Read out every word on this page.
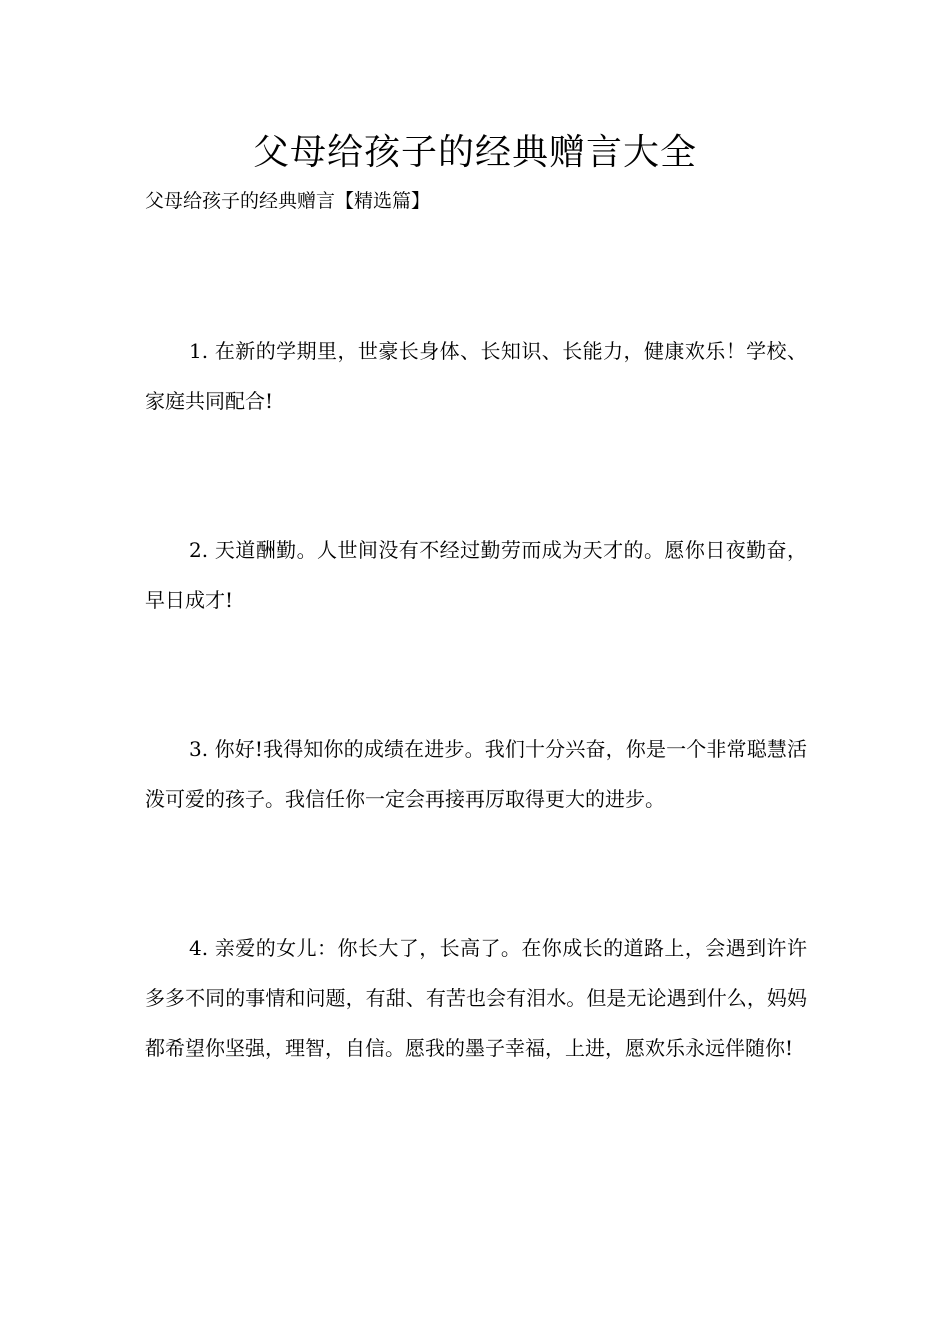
父母给孩子的经典赠言大全

父母给孩子的经典赠言【精选篇】

1. 在新的学期里，世豪长身体、长知识、长能力，健康欢乐！学校、家庭共同配合!

2. 天道酬勤。人世间没有不经过勤劳而成为天才的。愿你日夜勤奋，早日成才!

3. 你好!我得知你的成绩在进步。我们十分兴奋，你是一个非常聪慧活泼可爱的孩子。我信任你一定会再接再厉取得更大的进步。

4. 亲爱的女儿：你长大了，长高了。在你成长的道路上，会遇到许许多多不同的事情和问题，有甜、有苦也会有泪水。但是无论遇到什么，妈妈都希望你坚强，理智，自信。愿我的墨子幸福，上进，愿欢乐永远伴随你!
